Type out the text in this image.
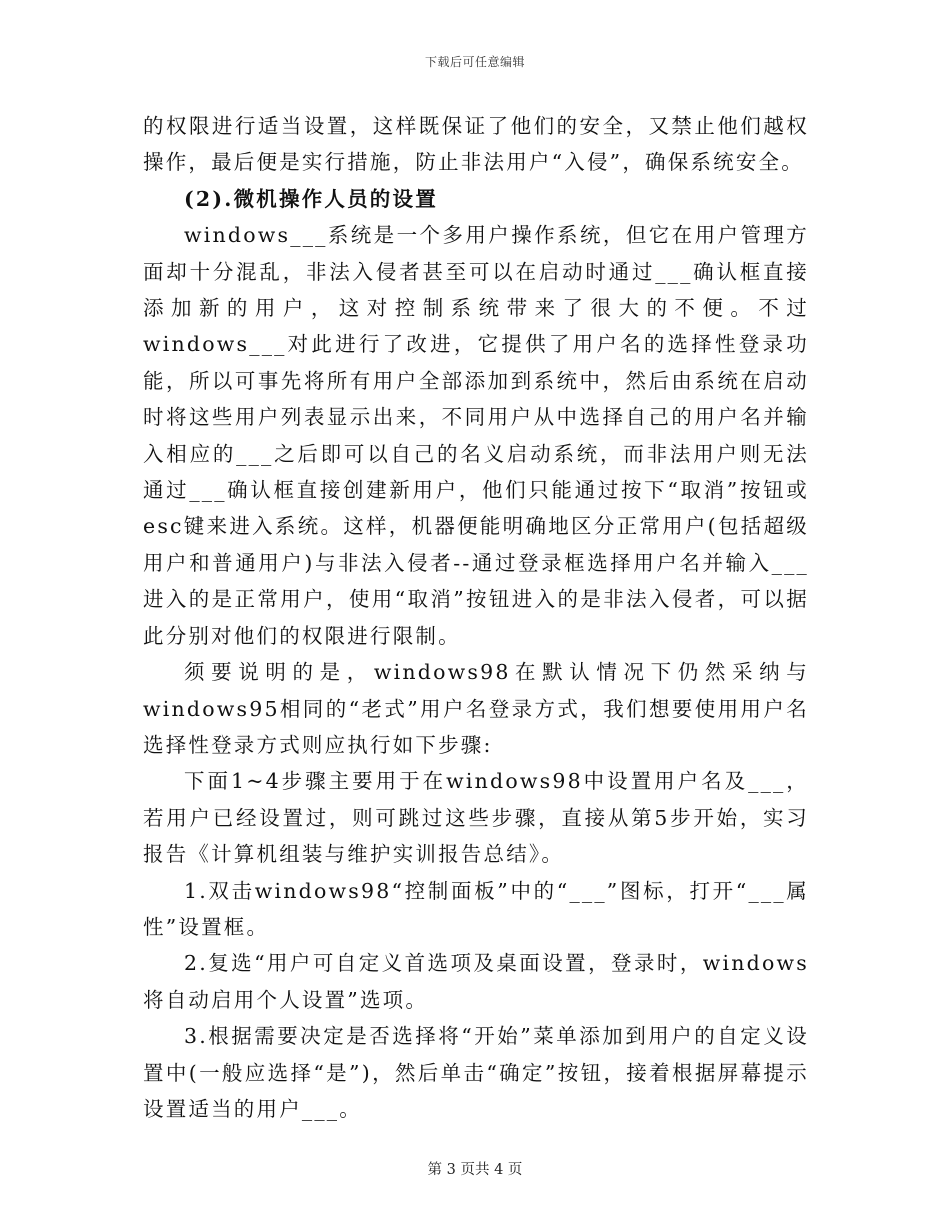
下载后可任意编辑

的权限进行适当设置，这样既保证了他们的安全，又禁止他们越权操作，最后便是实行措施，防止非法用户“入侵”，确保系统安全。

(2).微机操作人员的设置

windows___系统是一个多用户操作系统，但它在用户管理方面却十分混乱，非法入侵者甚至可以在启动时通过___确认框直接添加新的用户，这对控制系统带来了很大的不便。不过windows___对此进行了改进，它提供了用户名的选择性登录功能，所以可事先将所有用户全部添加到系统中，然后由系统在启动时将这些用户列表显示出来，不同用户从中选择自己的用户名并输入相应的___之后即可以自己的名义启动系统，而非法用户则无法通过___确认框直接创建新用户，他们只能通过按下“取消”按钮或esc键来进入系统。这样，机器便能明确地区分正常用户(包括超级用户和普通用户)与非法入侵者--通过登录框选择用户名并输入___进入的是正常用户，使用“取消”按钮进入的是非法入侵者，可以据此分别对他们的权限进行限制。

须要说明的是，windows98在默认情况下仍然采纳与windows95相同的“老式”用户名登录方式，我们想要使用用户名选择性登录方式则应执行如下步骤:

下面1~4步骤主要用于在windows98中设置用户名及___，若用户已经设置过，则可跳过这些步骤，直接从第5步开始，实习报告《计算机组装与维护实训报告总结》。

1.双击windows98“控制面板”中的“___”图标，打开“___属性”设置框。

2.复选“用户可自定义首选项及桌面设置，登录时，windows将自动启用个人设置”选项。

3.根据需要决定是否选择将“开始”菜单添加到用户的自定义设置中(一般应选择“是”)，然后单击“确定”按钮，接着根据屏幕提示设置适当的用户___。

第 3 页共 4 页
